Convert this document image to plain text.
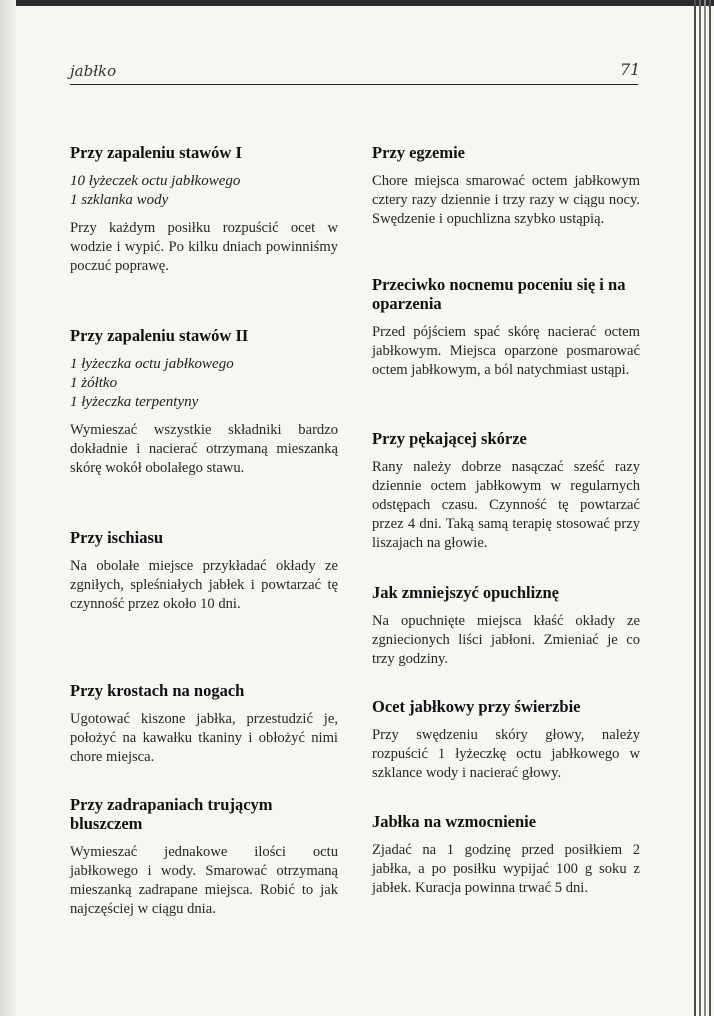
jabłko	71
Przy zapaleniu stawów I
10 łyżeczek octu jabłkowego
1 szklanka wody

Przy każdym posiłku rozpuścić ocet w wodzie i wypić. Po kilku dniach powinniśmy poczuć poprawę.

Przy zapaleniu stawów II
1 łyżeczka octu jabłkowego
1 żółtko
1 łyżeczka terpentyny

Wymieszać wszystkie składniki bardzo dokładnie i nacierać otrzymaną mieszanką skórę wokół obolałego stawu.

Przy ischiasu

Na obolałe miejsce przykładać okłady ze zgniłych, spleśniałych jabłek i powtarzać tę czynność przez około 10 dni.

Przy krostach na nogach

Ugotować kiszone jabłka, przestudzić je, położyć na kawałku tkaniny i obłożyć nimi chore miejsca.

Przy zadrapaniach trującym bluszczem

Wymieszać jednakowe ilości octu jabłkowego i wody. Smarować otrzymaną mieszanką zadrapane miejsca. Robić to jak najczęściej w ciągu dnia.

Przy egzemie

Chore miejsca smarować octem jabłkowym cztery razy dziennie i trzy razy w ciągu nocy. Swędzenie i opuchlizna szybko ustąpią.

Przeciwko nocnemu poceniu się i na oparzenia

Przed pójściem spać skórę nacierać octem jabłkowym. Miejsca oparzone posmarować octem jabłkowym, a ból natychmiast ustąpi.

Przy pękającej skórze

Rany należy dobrze nasączać sześć razy dziennie octem jabłkowym w regularnych odstępach czasu. Czynność tę powtarzać przez 4 dni. Taką samą terapię stosować przy liszajach na głowie.

Jak zmniejszyć opuchliznę

Na opuchnięte miejsca kłaść okłady ze zgniecionych liści jabłoni. Zmieniać je co trzy godziny.

Ocet jabłkowy przy świerzbie

Przy swędzeniu skóry głowy, należy rozpuścić 1 łyżeczkę octu jabłkowego w szklance wody i nacierać głowy.

Jabłka na wzmocnienie

Zjadać na 1 godzinę przed posiłkiem 2 jabłka, a po posiłku wypijać 100 g soku z jabłek. Kuracja powinna trwać 5 dni.
